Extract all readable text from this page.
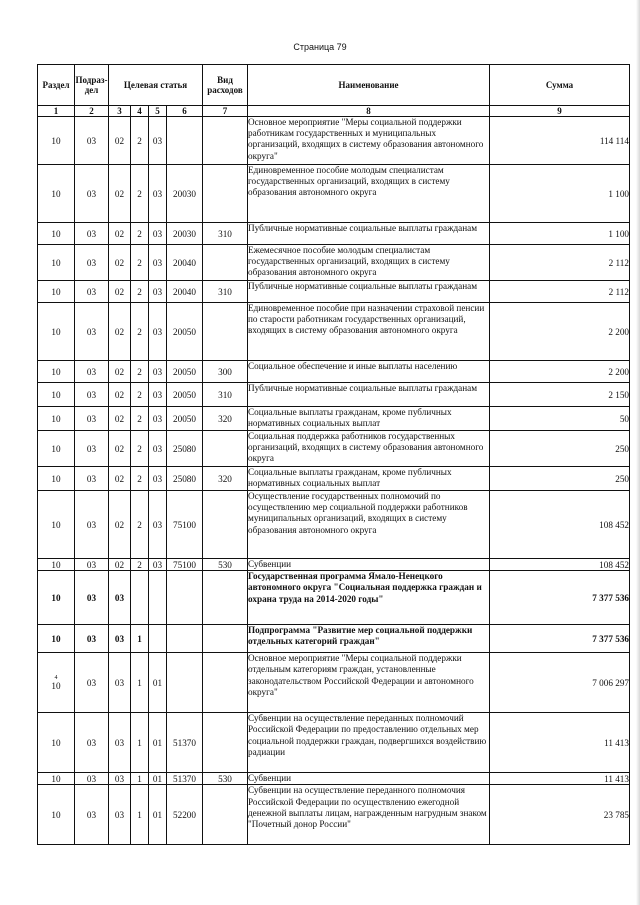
Страница 79
Раздел	Подраз-дел	Целевая статья				Вид расходов	Наименование	Сумма
1	2	3	4	5	6	7	8	9
10	03	02	2	03			Основное мероприятие "Меры социальной поддержки работникам государственных и муниципальных организаций, входящих в систему образования автономного округа"	114 114
10	03	02	2	03	20030		Единовременное пособие молодым специалистам государственных организаций, входящих в систему образования автономного округа	1 100
10	03	02	2	03	20030	310	Публичные нормативные социальные выплаты гражданам	1 100
10	03	02	2	03	20040		Ежемесячное пособие молодым специалистам государственных организаций, входящих в систему образования автономного округа	2 112
10	03	02	2	03	20040	310	Публичные нормативные социальные выплаты гражданам	2 112
10	03	02	2	03	20050		Единовременное пособие при назначении страховой пенсии по старости работникам государственных организаций, входящих в систему образования автономного округа	2 200
10	03	02	2	03	20050	300	Социальное обеспечение и иные выплаты населению	2 200
10	03	02	2	03	20050	310	Публичные нормативные социальные выплаты гражданам	2 150
10	03	02	2	03	20050	320	Социальные выплаты гражданам, кроме публичных нормативных социальных выплат	50
10	03	02	2	03	25080		Социальная поддержка работников государственных организаций, входящих в систему образования автономного округа	250
10	03	02	2	03	25080	320	Социальные выплаты гражданам, кроме публичных нормативных социальных выплат	250
10	03	02	2	03	75100		Осуществление государственных полномочий по осуществлению мер социальной поддержки работников муниципальных организаций, входящих в систему образования автономного округа	108 452
10	03	02	2	03	75100	530	Субвенции	108 452
10	03	03					Государственная программа Ямало-Ненецкого автономного округа "Социальная поддержка граждан и охрана труда на 2014-2020 годы"	7 377 536
10	03	03	1				Подпрограмма "Развитие мер социальной поддержки отдельных категорий граждан"	7 377 536

4
10	03	03	1	01			Основное мероприятие "Меры социальной поддержки отдельным категориям граждан, установленные законодательством Российской Федерации и автономного округа"	7 006 297
10	03	03	1	01	51370		Субвенции на осуществление переданных полномочий Российской Федерации по предоставлению отдельных мер социальной поддержки граждан, подвергшихся воздействию радиации	11 413
10	03	03	1	01	51370	530	Субвенции	11 413
10	03	03	1	01	52200		Субвенции на осуществление переданного полномочия Российской Федерации по осуществлению ежегодной денежной выплаты лицам, награжденным нагрудным знаком "Почетный донор России"	23 785
